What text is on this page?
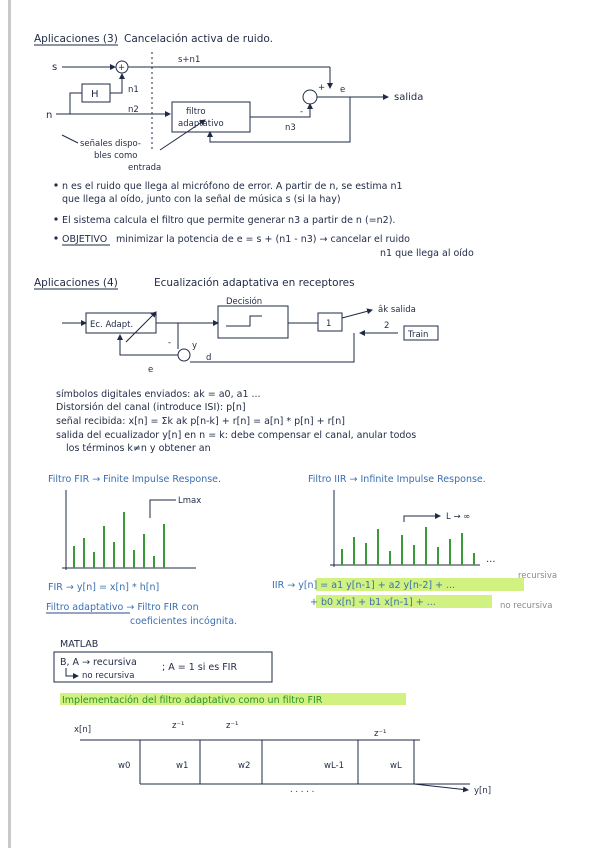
Aplicaciones (3) Cancelación activa de ruido.
s	+
s+n1
+
-
e
salida
n
H	n1
n2	filtro
adaptativo	n3
señales dispo-
bles como
entrada
n es el ruido que llega al micrófono de error. A partir de n, se estima n1
que llega al oído, junto con la señal de música s (si la hay)
El sistema calcula el filtro que permite generar n3 a partir de n (=n2).
OBJETIVO minimizar la potencia de e = s + (n1 - n3) → cancelar el ruido
n1 que llega al oído
Aplicaciones (4)	Ecualización adaptativa en receptores
Ec. Adapt.
Decisión
1
âk salida
2
Train
- y
d
e
símbolos digitales enviados: ak = a0, a1 ...
Distorsión del canal (introduce ISI): p[n]
señal recibida: x[n] = Σk ak p[n-k] + r[n] = a[n] * p[n] + r[n]
salida del ecualizador y[n] en n = k: debe compensar el canal, anular todos
los términos k≠n y obtener an
Filtro FIR → Finite Impulse Response.	Filtro IIR → Infinite Impulse Response.
Lmax
L → ∞
...
FIR → y[n] = x[n] * h[n]	IIR → y[n] = a1 y[n-1] + a2 y[n-2] + ...
+ b0 x[n] + b1 x[n-1] + ...
recursiva
no recursiva
Filtro adaptativo → Filtro FIR con
coeficientes incógnita.
MATLAB
B, A → recursiva	; A = 1 si es FIR
no recursiva
Implementación del filtro adaptativo como un filtro FIR
x[n]	z⁻¹	z⁻¹
z⁻¹
w0	w1	w2	wL-1	wL
. . . . .	y[n]
